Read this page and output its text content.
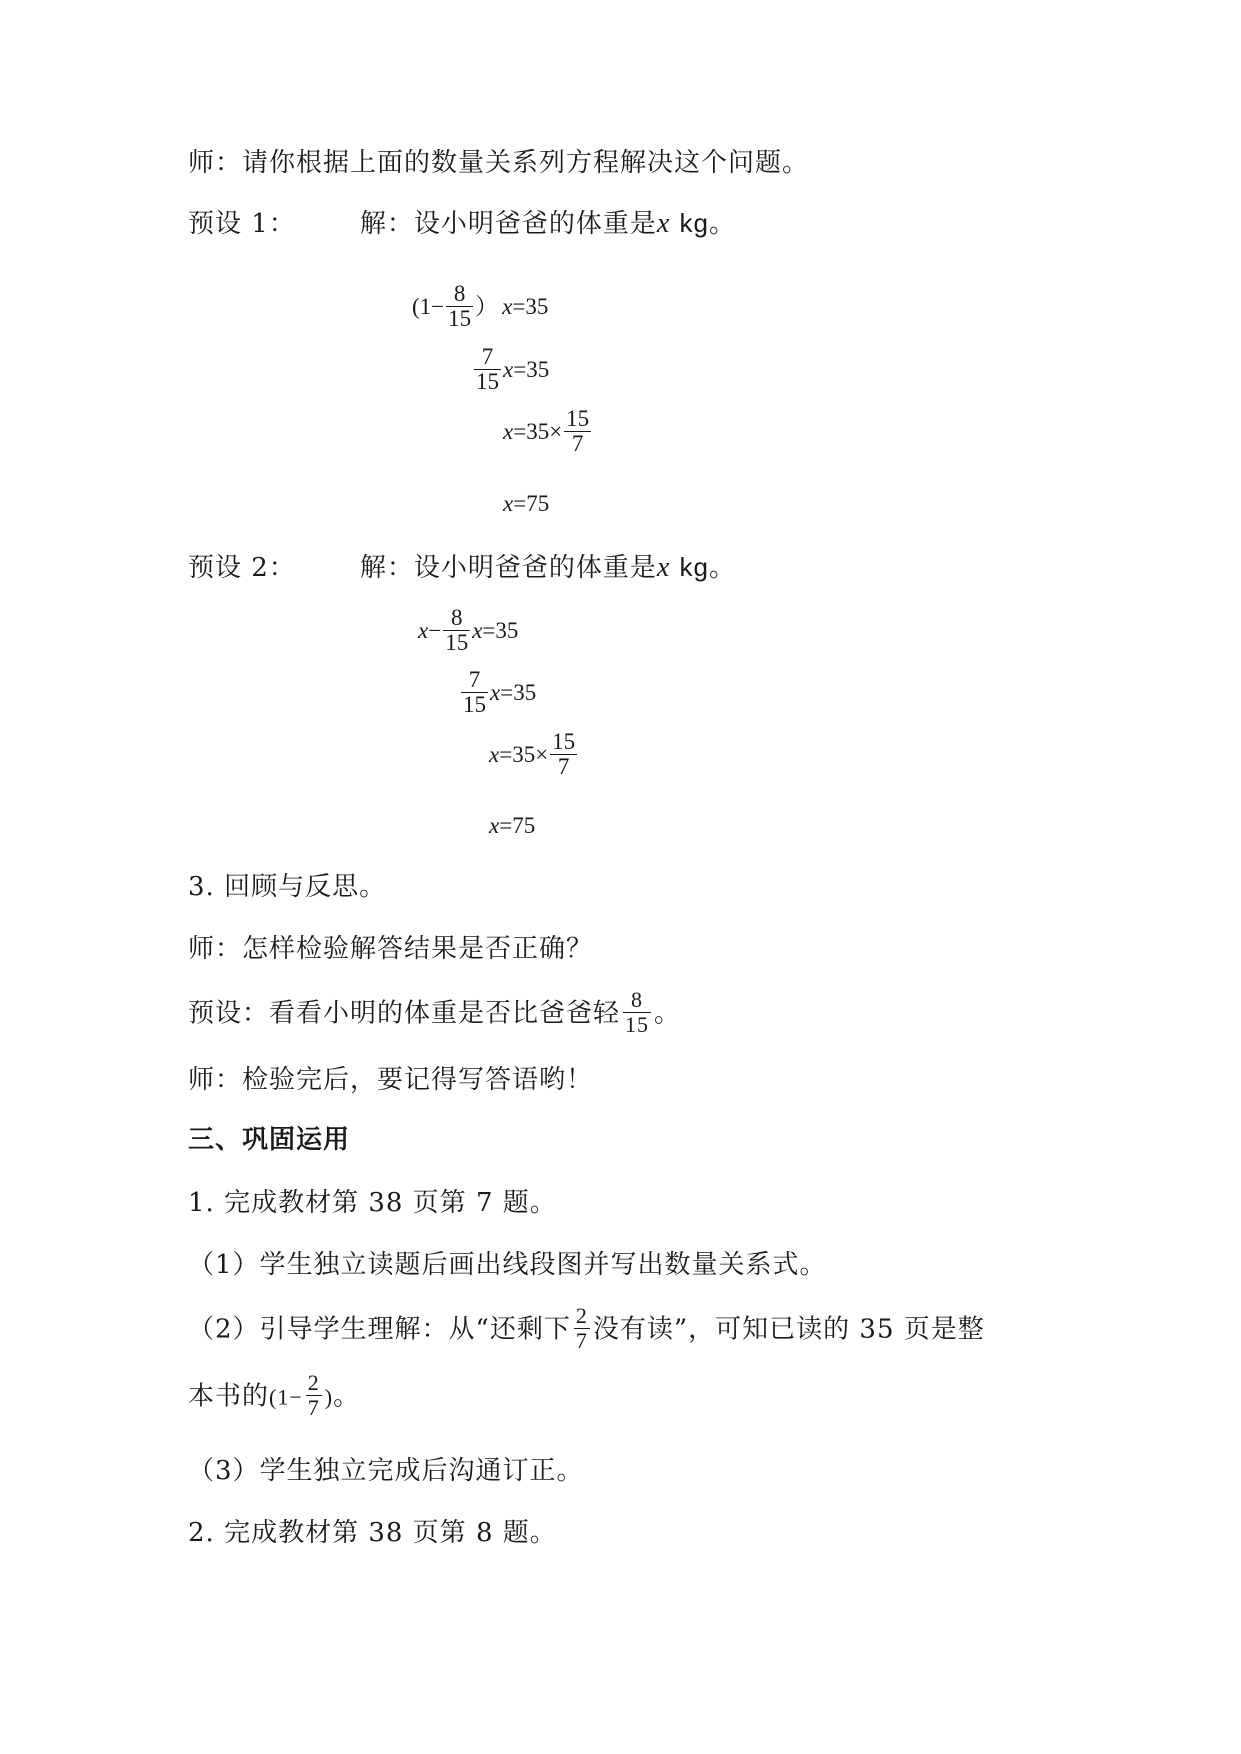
师：请你根据上面的数量关系列方程解决这个问题。
预设 1： 解：设小明爸爸的体重是x kg。
($1- \frac{8}{15}$ ） x =35
$\frac{7}{15}$ x =35
$x =35\times \frac{15}{7}$
x =75
预设 2： 解：设小明爸爸的体重是x kg。
$x - \frac{8}{15}$ x =35
$\frac{7}{15}$ x =35
$x =35\times \frac{15}{7}$
x =75
3. 回顾与反思。
师：怎样检验解答结果是否正确？
预设：看看小明的体重是否比爸爸轻 $\frac{8}{15}$ 。
师：检验完后，要记得写答语哟！
三、巩固运用
1. 完成教材第 38 页第 7 题。
（1）学生独立读题后画出线段图并写出数量关系式。
（2）引导学生理解：从“还剩下 $\frac{2}{7}$ 没有读”，可知已读的 35 页是整
本书的($1- \frac{2}{7}$ )。
（3）学生独立完成后沟通订正。
2. 完成教材第 38 页第 8 题。
